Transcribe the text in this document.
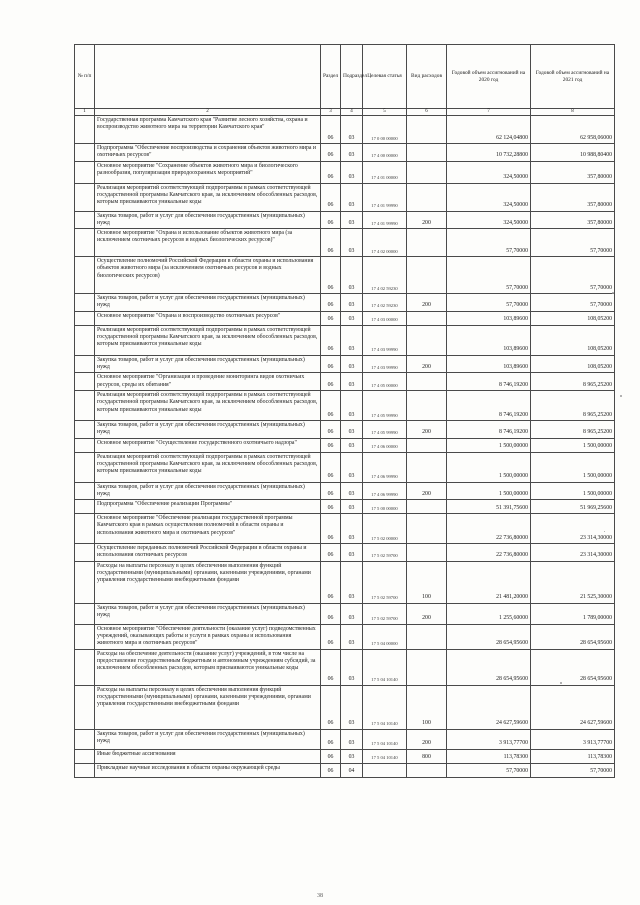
№ п/п		Раздел	Подраздел	Целевая статья	Вид расходов	Годовой объем ассигнований на 2020 год	Годовой объем ассигнований на 2021 год
1	2	3	4	5	6	7	8
	Государственная программа Камчатского края "Развитие лесного хозяйства, охрана и воспроизводство животного мира на территории Камчатского края"	06	03	17 0 00 00000		62 124,04800	62 958,06000
	Подпрограмма "Обеспечение воспроизводства и сохранения объектов животного мира и охотничьих ресурсов"	06	03	17 4 00 00000		10 732,28800	10 988,80400
	Основное мероприятие "Сохранение объектов животного мира и биологического разнообразия, популяризация природоохранных мероприятий"	06	03	17 4 01 00000		324,50000	357,80000
	Реализация мероприятий соответствующей подпрограммы в рамках соответствующей государственной программы Камчатского края, за исключением обособленных расходов, которым присваиваются уникальные коды	06	03	17 4 01 99990		324,50000	357,80000
	Закупка товаров, работ и услуг для обеспечения государственных (муниципальных) нужд	06	03	17 4 01 99990	200	324,50000	357,80000
	Основное мероприятие "Охрана и использование объектов животного мира (за исключением охотничьих ресурсов и водных биологических ресурсов)"	06	03	17 4 02 00000		57,70000	57,70000
	Осуществление полномочий Российской Федерации в области охраны и использования объектов животного мира (за исключением охотничьих ресурсов и водных биологических ресурсов)	06	03	17 4 02 59230		57,70000	57,70000
	Закупка товаров, работ и услуг для обеспечения государственных (муниципальных) нужд	06	03	17 4 02 59230	200	57,70000	57,70000
	Основное мероприятие "Охрана и воспроизводство охотничьих ресурсов"	06	03	17 4 03 00000		103,89600	108,05200
	Реализация мероприятий соответствующей подпрограммы в рамках соответствующей государственной программы Камчатского края, за исключением обособленных расходов, которым присваиваются уникальные коды	06	03	17 4 03 99990		103,89600	108,05200
	Закупка товаров, работ и услуг для обеспечения государственных (муниципальных) нужд	06	03	17 4 03 99990	200	103,89600	108,05200
	Основное мероприятие "Организация и проведение мониторинга видов охотничьих ресурсов, среды их обитания"	06	03	17 4 05 00000		8 746,19200	8 965,25200
	Реализация мероприятий соответствующей подпрограммы в рамках соответствующей государственной программы Камчатского края, за исключением обособленных расходов, которым присваиваются уникальные коды	06	03	17 4 05 99990		8 746,19200	8 965,25200
	Закупка товаров, работ и услуг для обеспечения государственных (муниципальных) нужд	06	03	17 4 05 99990	200	8 746,19200	8 965,25200
	Основное мероприятие "Осуществление государственного охотничьего надзора"	06	03	17 4 06 00000		1 500,00000	1 500,00000
	Реализация мероприятий соответствующей подпрограммы в рамках соответствующей государственной программы Камчатского края, за исключением обособленных расходов, которым присваиваются уникальные коды	06	03	17 4 06 99990		1 500,00000	1 500,00000
	Закупка товаров, работ и услуг для обеспечения государственных (муниципальных) нужд	06	03	17 4 06 99990	200	1 500,00000	1 500,00000
	Подпрограмма "Обеспечение реализации Программы"	06	03	17 5 00 00000		51 391,75600	51 969,25600
	Основное мероприятие "Обеспечение реализации государственной программы Камчатского края в рамках осуществления полномочий в области охраны и использования животного мира и охотничьих ресурсов"	06	03	17 5 02 00000		22 736,80000	23 314,30000
	Осуществление переданных полномочий Российской Федерации в области охраны и использования охотничьих ресурсов	06	03	17 5 02 59700		22 736,80000	23 314,30000
	Расходы на выплаты персоналу в целях обеспечения выполнения функций государственными (муниципальными) органами, казенными учреждениями, органами управления государственными внебюджетными фондами	06	03	17 5 02 59700	100	21 481,20000	21 525,30000
	Закупка товаров, работ и услуг для обеспечения государственных (муниципальных) нужд	06	03	17 5 02 59700	200	1 255,60000	1 789,00000
	Основное мероприятие "Обеспечение деятельности (оказание услуг) подведомственных учреждений, оказывающих работы и услуги в рамках охраны и использования животного мира и охотничьих ресурсов"	06	03	17 5 04 00000		28 654,95600	28 654,95600
	Расходы на обеспечение деятельности (оказание услуг) учреждений, в том числе на предоставление государственным бюджетным и автономным учреждениям субсидий, за исключением обособленных расходов, которым присваиваются уникальные коды	06	03	17 5 04 10140		28 654,95600	28 654,95600
	Расходы на выплаты персоналу в целях обеспечения выполнения функций государственными (муниципальными) органами, казенными учреждениями, органами управления государственными внебюджетными фондами	06	03	17 5 04 10140	100	24 627,59600	24 627,59600
	Закупка товаров, работ и услуг для обеспечения государственных (муниципальных) нужд	06	03	17 5 04 10140	200	3 913,77700	3 913,77700
	Иные бюджетные ассигнования	06	03	17 5 04 10140	800	113,78300	113,78300
	Прикладные научные исследования в области охраны окружающей среды	06	04			57,70000	57,70000
38
